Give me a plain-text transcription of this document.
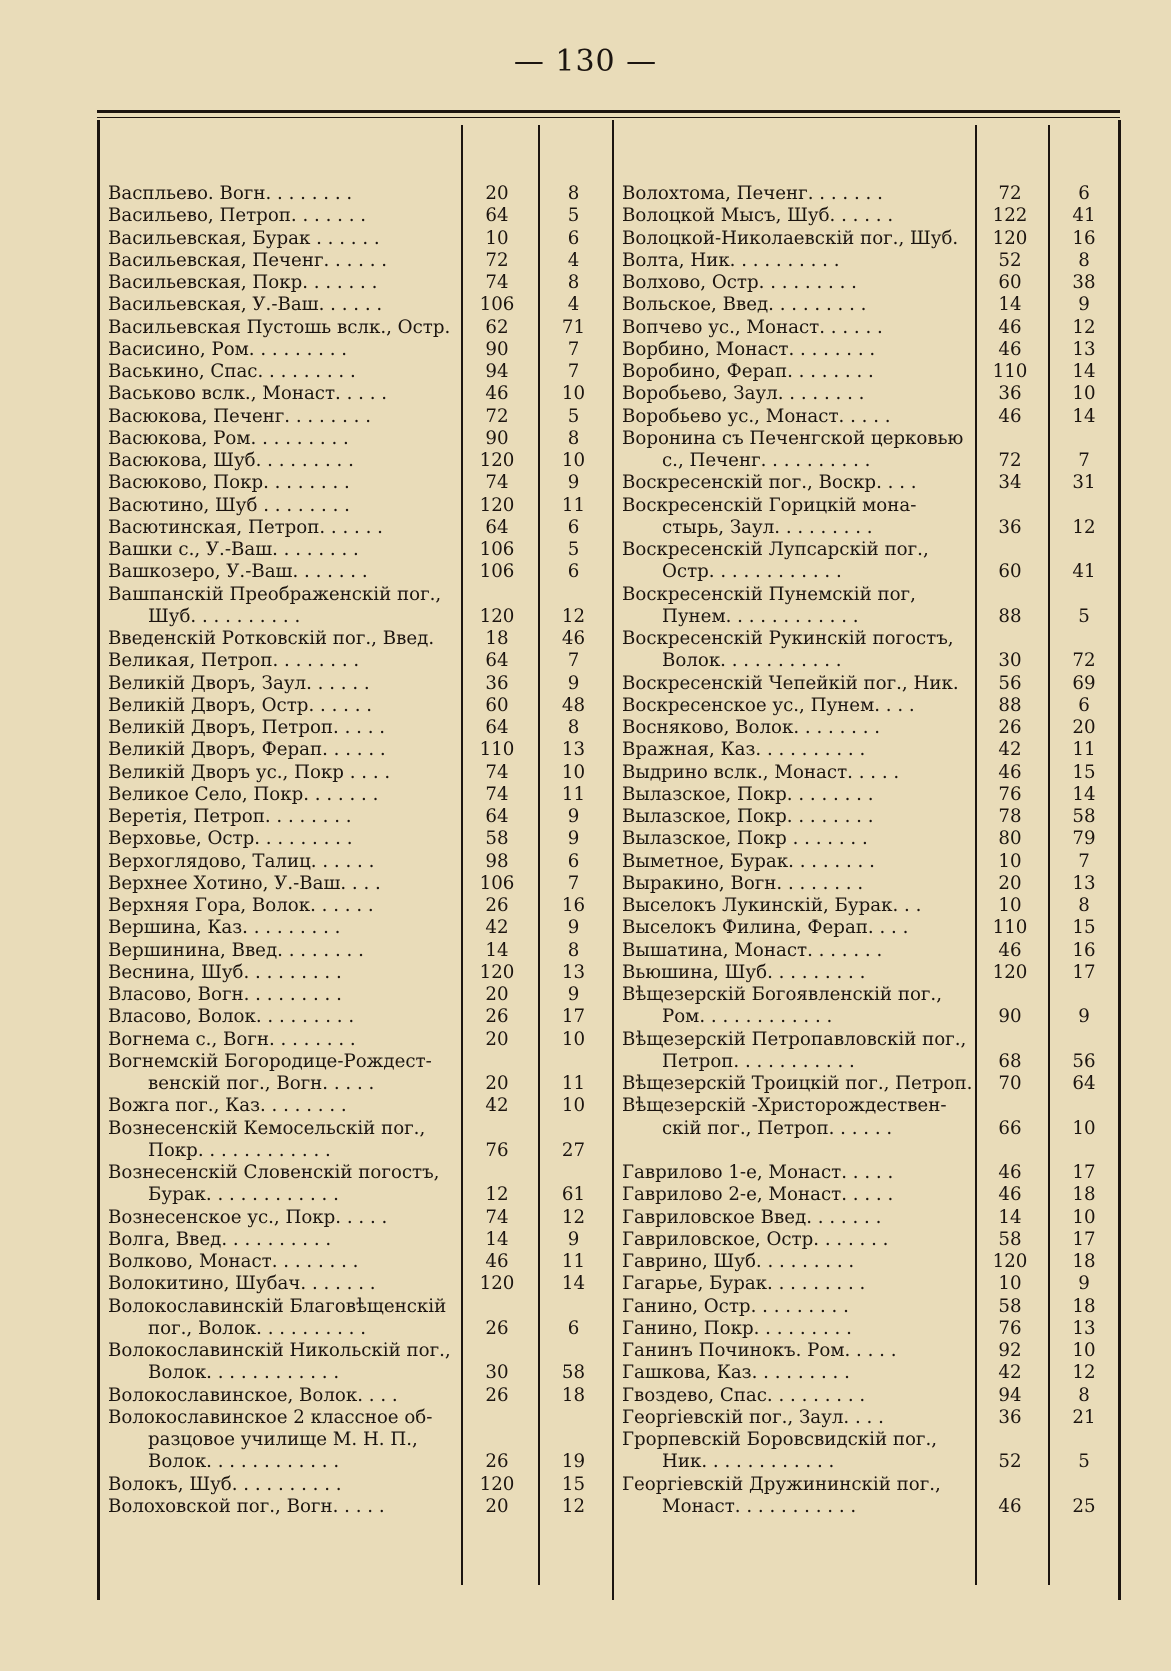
— 130 —
Васпльево. Вогн. . . . . . . .	20	8
Васильево, Петроп. . . . . . .	64	5
Васильевская, Бурак . . . . . .	10	6
Васильевская, Печенг. . . . . .	72	4
Васильевская, Покр. . . . . . .	74	8
Васильевская, У.-Ваш. . . . . .	106	4
Васильевская Пустошь вслк., Остр.	62	71
Васисино, Ром. . . . . . . . .	90	7
Васькино, Спас. . . . . . . . .	94	7
Васьково вслк., Монаст. . . . .	46	10
Васюкова, Печенг. . . . . . . .	72	5
Васюкова, Ром. . . . . . . . .	90	8
Васюкова, Шуб. . . . . . . . .	120	10
Васюково, Покр. . . . . . . .	74	9
Васютино, Шуб . . . . . . . .	120	11
Васютинская, Петроп. . . . . .	64	6
Вашки с., У.-Ваш. . . . . . . .	106	5
Вашкозеро, У.-Ваш. . . . . . .	106	6
Вашпанскій Преображенскій пог.,
Шуб. . . . . . . . . .	120	12
Введенскій Ротковскій пог., Введ.	18	46
Великая, Петроп. . . . . . . .	64	7
Великій Дворъ, Заул. . . . . .	36	9
Великій Дворъ, Остр. . . . . .	60	48
Великій Дворъ, Петроп. . . . .	64	8
Великій Дворъ, Ферап. . . . . .	110	13
Великій Дворъ ус., Покр . . . .	74	10
Великое Село, Покр. . . . . . .	74	11
Веретія, Петроп. . . . . . . .	64	9
Верховье, Остр. . . . . . . . .	58	9
Верхоглядово, Талиц. . . . . .	98	6
Верхнее Хотино, У.-Ваш. . . .	106	7
Верхняя Гора, Волок. . . . . .	26	16
Вершина, Каз. . . . . . . . .	42	9
Вершинина, Введ. . . . . . . .	14	8
Веснина, Шуб. . . . . . . . .	120	13
Власово, Вогн. . . . . . . . .	20	9
Власово, Волок. . . . . . . . .	26	17
Вогнема с., Вогн. . . . . . . .	20	10
Вогнемскій Богородице-Рождест-
венскій пог., Вогн. . . . .	20	11
Вожга пог., Каз. . . . . . . .	42	10
Вознесенскій Кемосельскій пог.,
Покр. . . . . . . . . . . .	76	27
Вознесенскій Словенскій погостъ,
Бурак. . . . . . . . . . . .	12	61
Вознесенское ус., Покр. . . . .	74	12
Волга, Введ. . . . . . . . . .	14	9
Волково, Монаст. . . . . . . .	46	11
Волокитино, Шубач. . . . . . .	120	14
Волокославинскій Благовѣщенскій
пог., Волок. . . . . . . . . .	26	6
Волокославинскій Никольскій пог.,
Волок. . . . . . . . . . . .	30	58
Волокославинское, Волок. . . .	26	18
Волокославинское 2 классное об-
разцовое училище М. Н. П.,
Волок. . . . . . . . . . . .	26	19
Волокъ, Шуб. . . . . . . . . .	120	15
Волоховской пог., Вогн. . . . .	20	12
Волохтома, Печенг. . . . . . .	72	6
Волоцкой Мысъ, Шуб. . . . . .	122	41
Волоцкой-Николаевскій пог., Шуб.	120	16
Волта, Ник. . . . . . . . . .	52	8
Волхово, Остр. . . . . . . . .	60	38
Вольское, Введ. . . . . . . . .	14	9
Вопчево ус., Монаст. . . . . .	46	12
Ворбино, Монаст. . . . . . . .	46	13
Воробино, Ферап. . . . . . . .	110	14
Воробьево, Заул. . . . . . . .	36	10
Воробьево ус., Монаст. . . . .	46	14
Воронина съ Печенгской церковью
с., Печенг. . . . . . . . . .	72	7
Воскресенскій пог., Воскр. . . .	34	31
Воскресенскій Горицкій мона-
стырь, Заул. . . . . . . . .	36	12
Воскресенскій Лупсарскій пог.,
Остр. . . . . . . . . . . .	60	41
Воскресенскій Пунемскій пог,
Пунем. . . . . . . . . . . .	88	5
Воскресенскій Рукинскій погостъ,
Волок. . . . . . . . . . .	30	72
Воскресенскій Чепейкій пог., Ник.	56	69
Воскресенское ус., Пунем. . . .	88	6
Восняково, Волок. . . . . . . .	26	20
Вражная, Каз. . . . . . . . . .	42	11
Выдрино вслк., Монаст. . . . .	46	15
Вылазское, Покр. . . . . . . .	76	14
Вылазское, Покр. . . . . . . .	78	58
Вылазское, Покр . . . . . . .	80	79
Выметное, Бурак. . . . . . . .	10	7
Выракино, Вогн. . . . . . . .	20	13
Выселокъ Лукинскій, Бурак. . .	10	8
Выселокъ Филина, Ферап. . . .	110	15
Вышатина, Монаст. . . . . . .	46	16
Вьюшина, Шуб. . . . . . . . .	120	17
Вѣщезерскій Богоявленскій пог.,
Ром. . . . . . . . . . . .	90	9
Вѣщезерскій Петропавловскій пог.,
Петроп. . . . . . . . . . .	68	56
Вѣщезерскій Троицкій пог., Петроп.	70	64
Вѣщезерскій -Христорождествен-
скій пог., Петроп. . . . . .	66	10
Гаврилово 1-е, Монаст. . . . .	46	17
Гаврилово 2-е, Монаст. . . . .	46	18
Гавриловское Введ. . . . . . .	14	10
Гавриловское, Остр. . . . . . .	58	17
Гаврино, Шуб. . . . . . . . .	120	18
Гагарье, Бурак. . . . . . . . .	10	9
Ганино, Остр. . . . . . . . .	58	18
Ганино, Покр. . . . . . . . .	76	13
Ганинъ Починокъ. Ром. . . . .	92	10
Гашкова, Каз. . . . . . . . .	42	12
Гвоздево, Спас. . . . . . . . .	94	8
Георгіевскій пог., Заул. . . .	36	21
Грорпевскій Боровсвидскій пог.,
Ник. . . . . . . . . . . .	52	5
Георгіевскій Дружининскій пог.,
Монаст. . . . . . . . . . .	46	25
